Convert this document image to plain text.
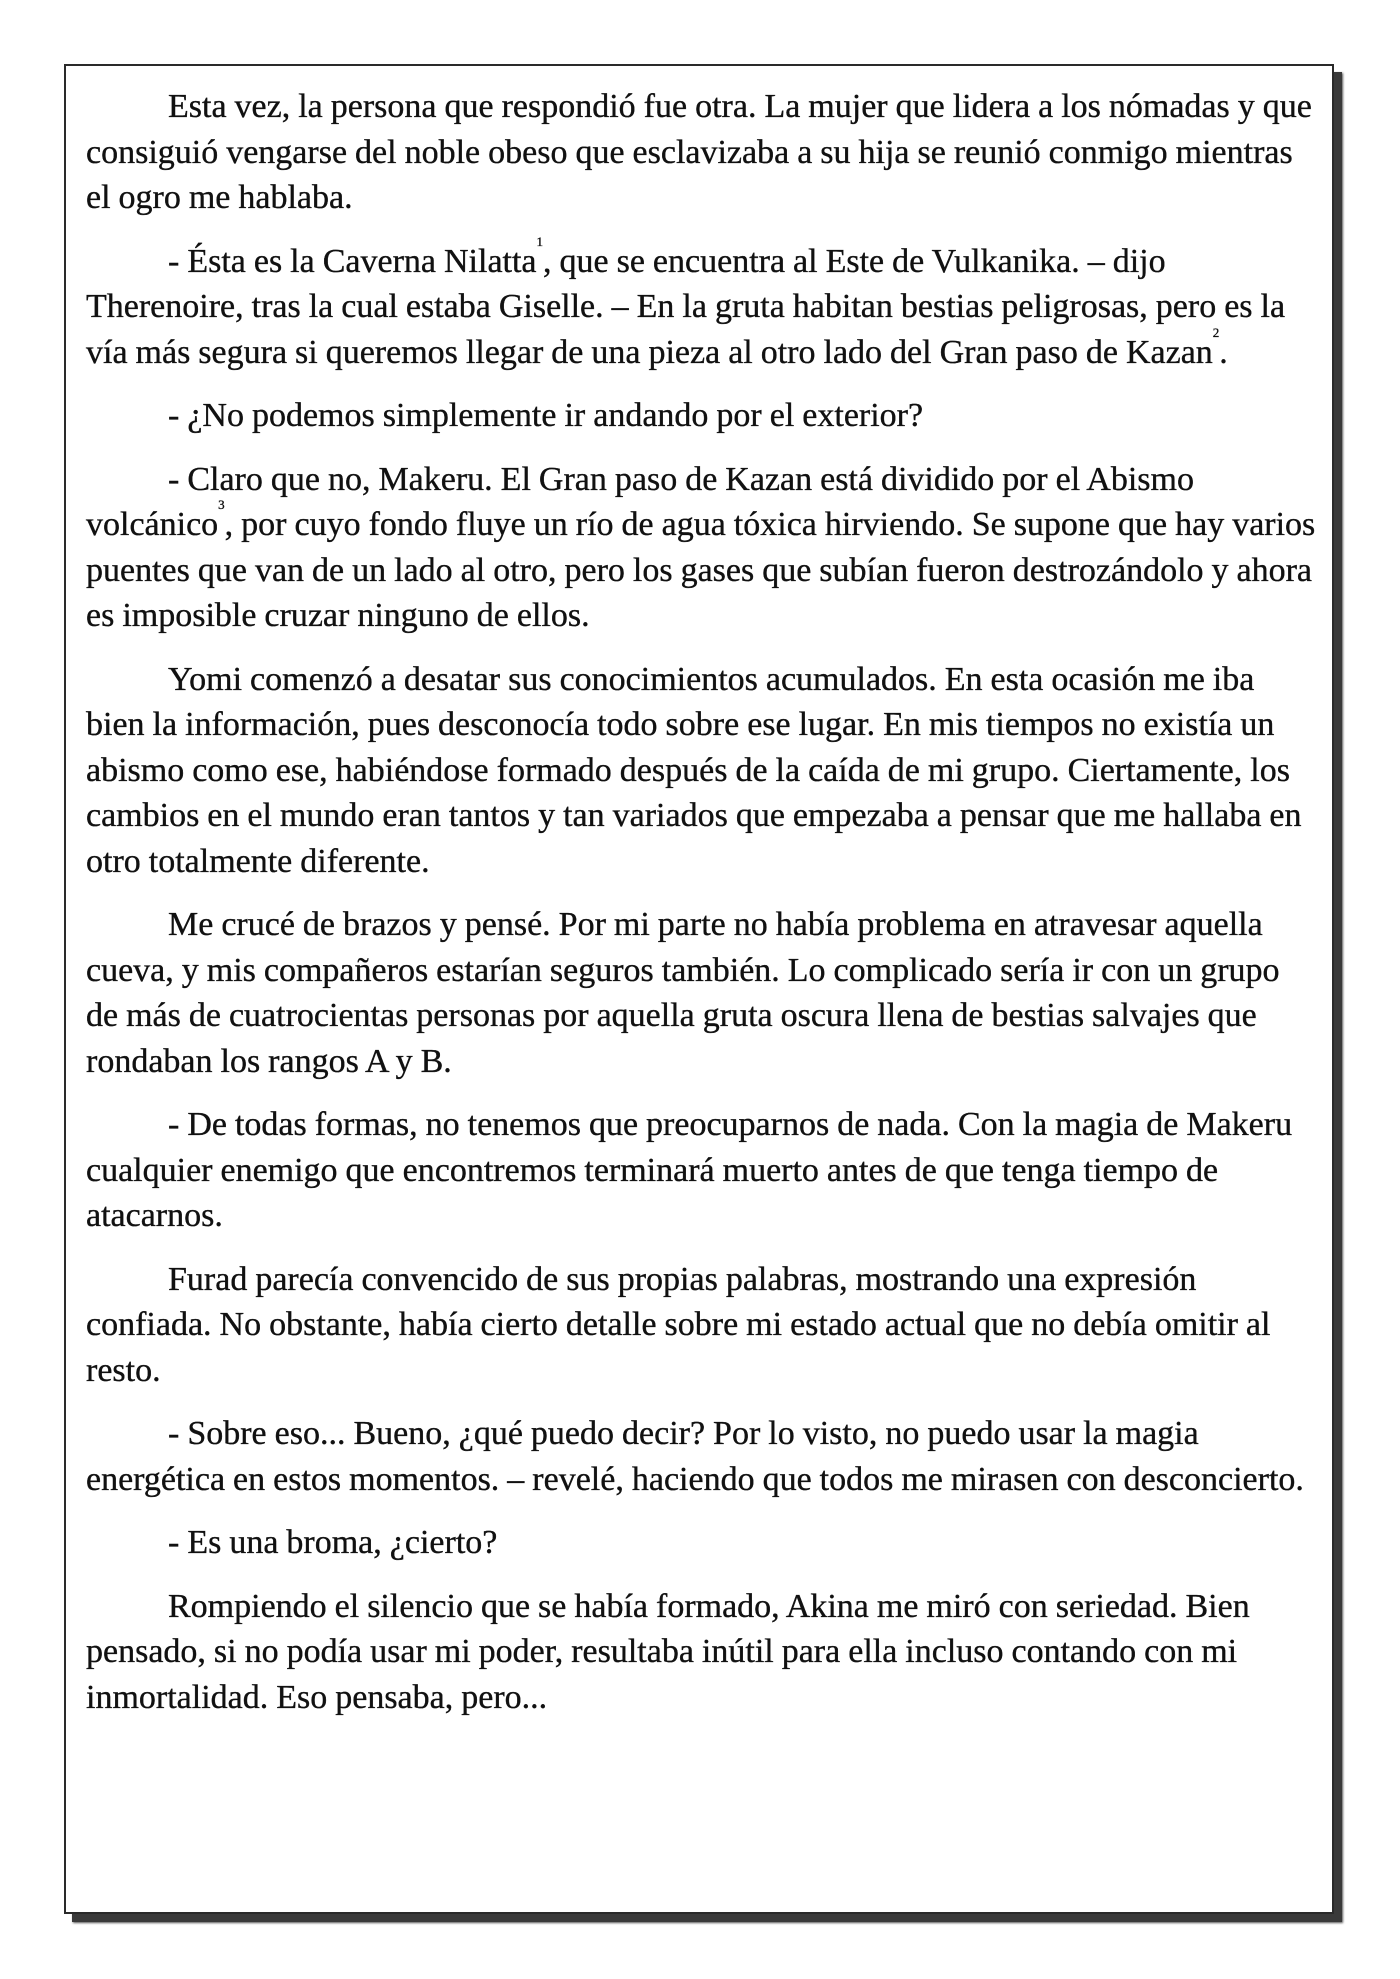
Esta vez, la persona que respondió fue otra. La mujer que lidera a los nómadas y que consiguió vengarse del noble obeso que esclavizaba a su hija se reunió conmigo mientras el ogro me hablaba.

- Ésta es la Caverna Nilatta$^1$, que se encuentra al Este de Vulkanika. – dijo Therenoire, tras la cual estaba Giselle. – En la gruta habitan bestias peligrosas, pero es la vía más segura si queremos llegar de una pieza al otro lado del Gran paso de Kazan$^2$.

- ¿No podemos simplemente ir andando por el exterior?

- Claro que no, Makeru. El Gran paso de Kazan está dividido por el Abismo volcánico$^3$, por cuyo fondo fluye un río de agua tóxica hirviendo. Se supone que hay varios puentes que van de un lado al otro, pero los gases que subían fueron destrozándolo y ahora es imposible cruzar ninguno de ellos.

Yomi comenzó a desatar sus conocimientos acumulados. En esta ocasión me iba bien la información, pues desconocía todo sobre ese lugar. En mis tiempos no existía un abismo como ese, habiéndose formado después de la caída de mi grupo. Ciertamente, los cambios en el mundo eran tantos y tan variados que empezaba a pensar que me hallaba en otro totalmente diferente.

Me crucé de brazos y pensé. Por mi parte no había problema en atravesar aquella cueva, y mis compañeros estarían seguros también. Lo complicado sería ir con un grupo de más de cuatrocientas personas por aquella gruta oscura llena de bestias salvajes que rondaban los rangos A y B.

- De todas formas, no tenemos que preocuparnos de nada. Con la magia de Makeru cualquier enemigo que encontremos terminará muerto antes de que tenga tiempo de atacarnos.

Furad parecía convencido de sus propias palabras, mostrando una expresión confiada. No obstante, había cierto detalle sobre mi estado actual que no debía omitir al resto.

- Sobre eso... Bueno, ¿qué puedo decir? Por lo visto, no puedo usar la magia energética en estos momentos. – revelé, haciendo que todos me mirasen con desconcierto.

- Es una broma, ¿cierto?

Rompiendo el silencio que se había formado, Akina me miró con seriedad. Bien pensado, si no podía usar mi poder, resultaba inútil para ella incluso contando con mi inmortalidad. Eso pensaba, pero...
